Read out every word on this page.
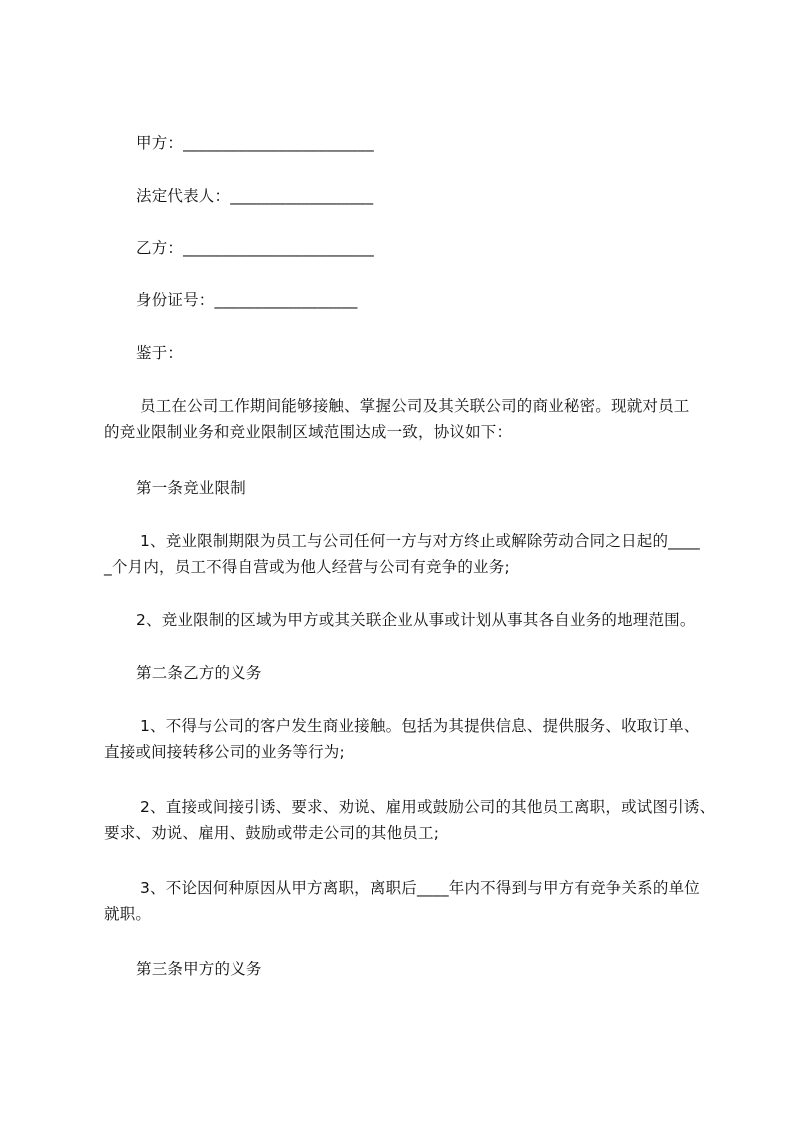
甲方：________________________
法定代表人：__________________
乙方：________________________
身份证号：__________________
鉴于：
员工在公司工作期间能够接触、掌握公司及其关联公司的商业秘密。现就对员工
的竞业限制业务和竞业限制区域范围达成一致，协议如下：
第一条竞业限制
1、竞业限制期限为员工与公司任何一方与对方终止或解除劳动合同之日起的____
_个月内，员工不得自营或为他人经营与公司有竞争的业务;
2、竞业限制的区域为甲方或其关联企业从事或计划从事其各自业务的地理范围。
第二条乙方的义务
1、不得与公司的客户发生商业接触。包括为其提供信息、提供服务、收取订单、
直接或间接转移公司的业务等行为;
2、直接或间接引诱、要求、劝说、雇用或鼓励公司的其他员工离职，或试图引诱、
要求、劝说、雇用、鼓励或带走公司的其他员工;
3、不论因何种原因从甲方离职，离职后____年内不得到与甲方有竞争关系的单位
就职。
第三条甲方的义务
